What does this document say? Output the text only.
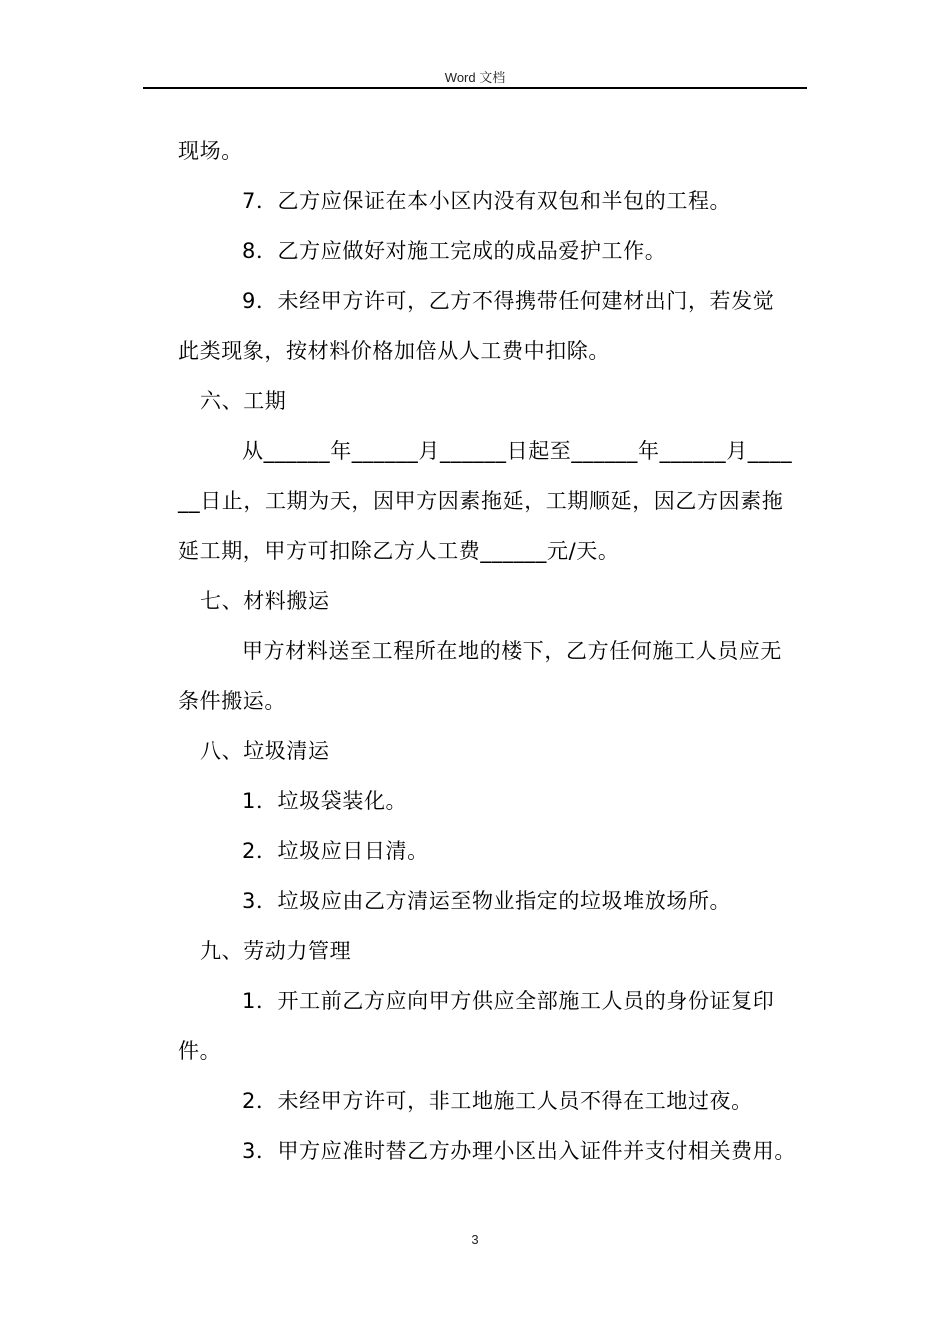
Word 文档
现场。
7．乙方应保证在本小区内没有双包和半包的工程。
8．乙方应做好对施工完成的成品爱护工作。
9．未经甲方许可，乙方不得携带任何建材出门，若发觉
此类现象，按材料价格加倍从人工费中扣除。
六、工期
从______年______月______日起至______年______月____
__日止，工期为天，因甲方因素拖延，工期顺延，因乙方因素拖
延工期，甲方可扣除乙方人工费______元/天。
七、材料搬运
甲方材料送至工程所在地的楼下，乙方任何施工人员应无
条件搬运。
八、垃圾清运
1．垃圾袋装化。
2．垃圾应日日清。
3．垃圾应由乙方清运至物业指定的垃圾堆放场所。
九、劳动力管理
1．开工前乙方应向甲方供应全部施工人员的身份证复印
件。
2．未经甲方许可，非工地施工人员不得在工地过夜。
3．甲方应准时替乙方办理小区出入证件并支付相关费用。
3
